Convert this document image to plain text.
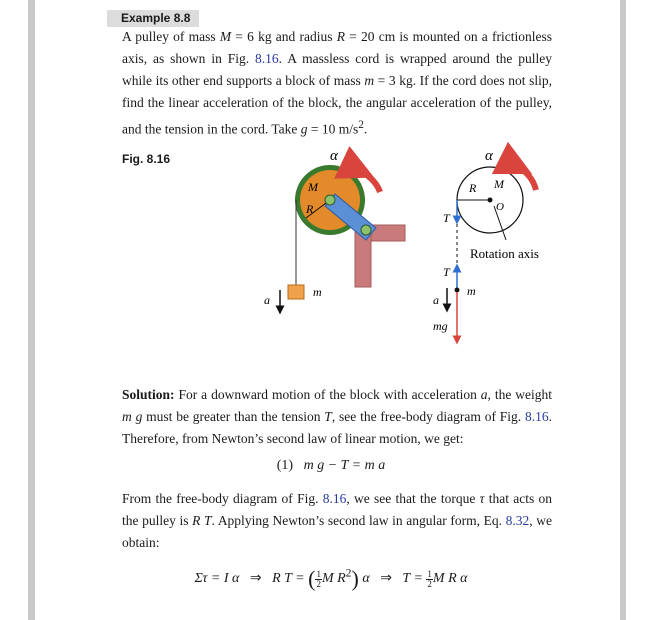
Example 8.8

A pulley of mass M = 6 kg and radius R = 20 cm is mounted on a frictionless axis, as shown in Fig. 8.16. A massless cord is wrapped around the pulley while its other end supports a block of mass m = 3 kg. If the cord does not slip, find the linear acceleration of the block, the angular acceleration of the pulley, and the tension in the cord. Take g = 10 $m/s^2$.

Fig. 8.16	α
M
R
m
a
α
R M
O
Rotation axis
T
T
m
a
mg

Solution: For a downward motion of the block with acceleration a, the weight m g must be greater than the tension T, see the free-body diagram of Fig. 8.16. Therefore, from Newton’s second law of linear motion, we get:

(1) m g − T = m a

From the free-body diagram of Fig. 8.16, we see that the torque τ that acts on the pulley is R T. Applying Newton’s second law in angular form, Eq. 8.32, we obtain:

Στ = I α ⇒ R T = ( $\frac{1}{2}$ M $R^2$) α ⇒ $T = \frac{1}{2}$ M R α
